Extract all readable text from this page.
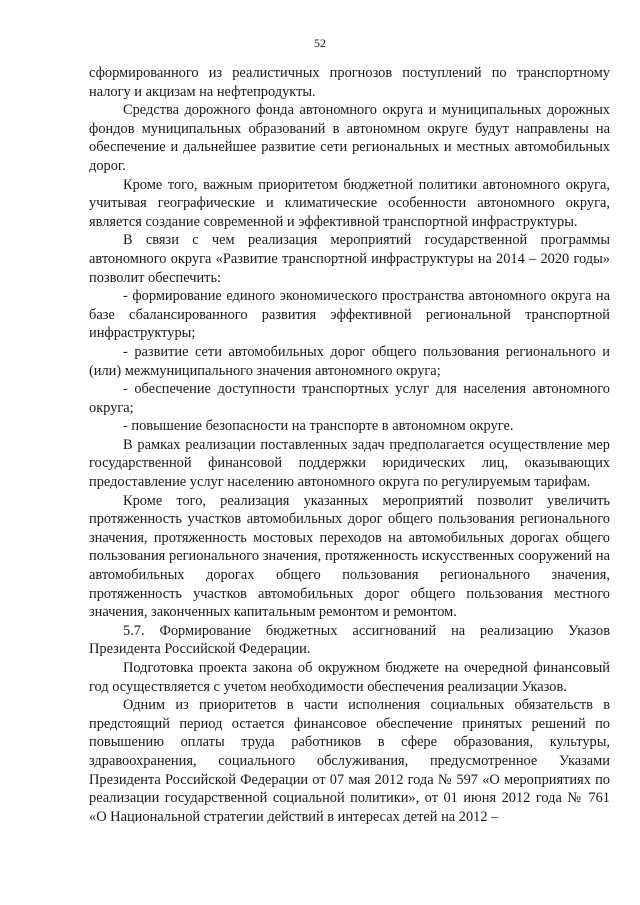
52

сформированного из реалистичных прогнозов поступлений по транспортному налогу и акцизам на нефтепродукты.

Средства дорожного фонда автономного округа и муниципальных дорожных фондов муниципальных образований в автономном округе будут направлены на обеспечение и дальнейшее развитие сети региональных и местных автомобильных дорог.

Кроме того, важным приоритетом бюджетной политики автономного округа, учитывая географические и климатические особенности автономного округа, является создание современной и эффективной транспортной инфраструктуры.

В связи с чем реализация мероприятий государственной программы автономного округа «Развитие транспортной инфраструктуры на 2014 – 2020 годы» позволит обеспечить:

- формирование единого экономического пространства автономного округа на базе сбалансированного развития эффективной региональной транспортной инфраструктуры;

- развитие сети автомобильных дорог общего пользования регионального и (или) межмуниципального значения автономного округа;

- обеспечение доступности транспортных услуг для населения автономного округа;

- повышение безопасности на транспорте в автономном округе.

В рамках реализации поставленных задач предполагается осуществление мер государственной финансовой поддержки юридических лиц, оказывающих предоставление услуг населению автономного округа по регулируемым тарифам.

Кроме того, реализация указанных мероприятий позволит увеличить протяженность участков автомобильных дорог общего пользования регионального значения, протяженность мостовых переходов на автомобильных дорогах общего пользования регионального значения, протяженность искусственных сооружений на автомобильных дорогах общего пользования регионального значения, протяженность участков автомобильных дорог общего пользования местного значения, законченных капитальным ремонтом и ремонтом.

5.7. Формирование бюджетных ассигнований на реализацию Указов Президента Российской Федерации.

Подготовка проекта закона об окружном бюджете на очередной финансовый год осуществляется с учетом необходимости обеспечения реализации Указов.

Одним из приоритетов в части исполнения социальных обязательств в предстоящий период остается финансовое обеспечение принятых решений по повышению оплаты труда работников в сфере образования, культуры, здравоохранения, социального обслуживания, предусмотренное Указами Президента Российской Федерации от 07 мая 2012 года № 597 «О мероприятиях по реализации государственной социальной политики», от 01 июня 2012 года № 761 «О Национальной стратегии действий в интересах детей на 2012 –
